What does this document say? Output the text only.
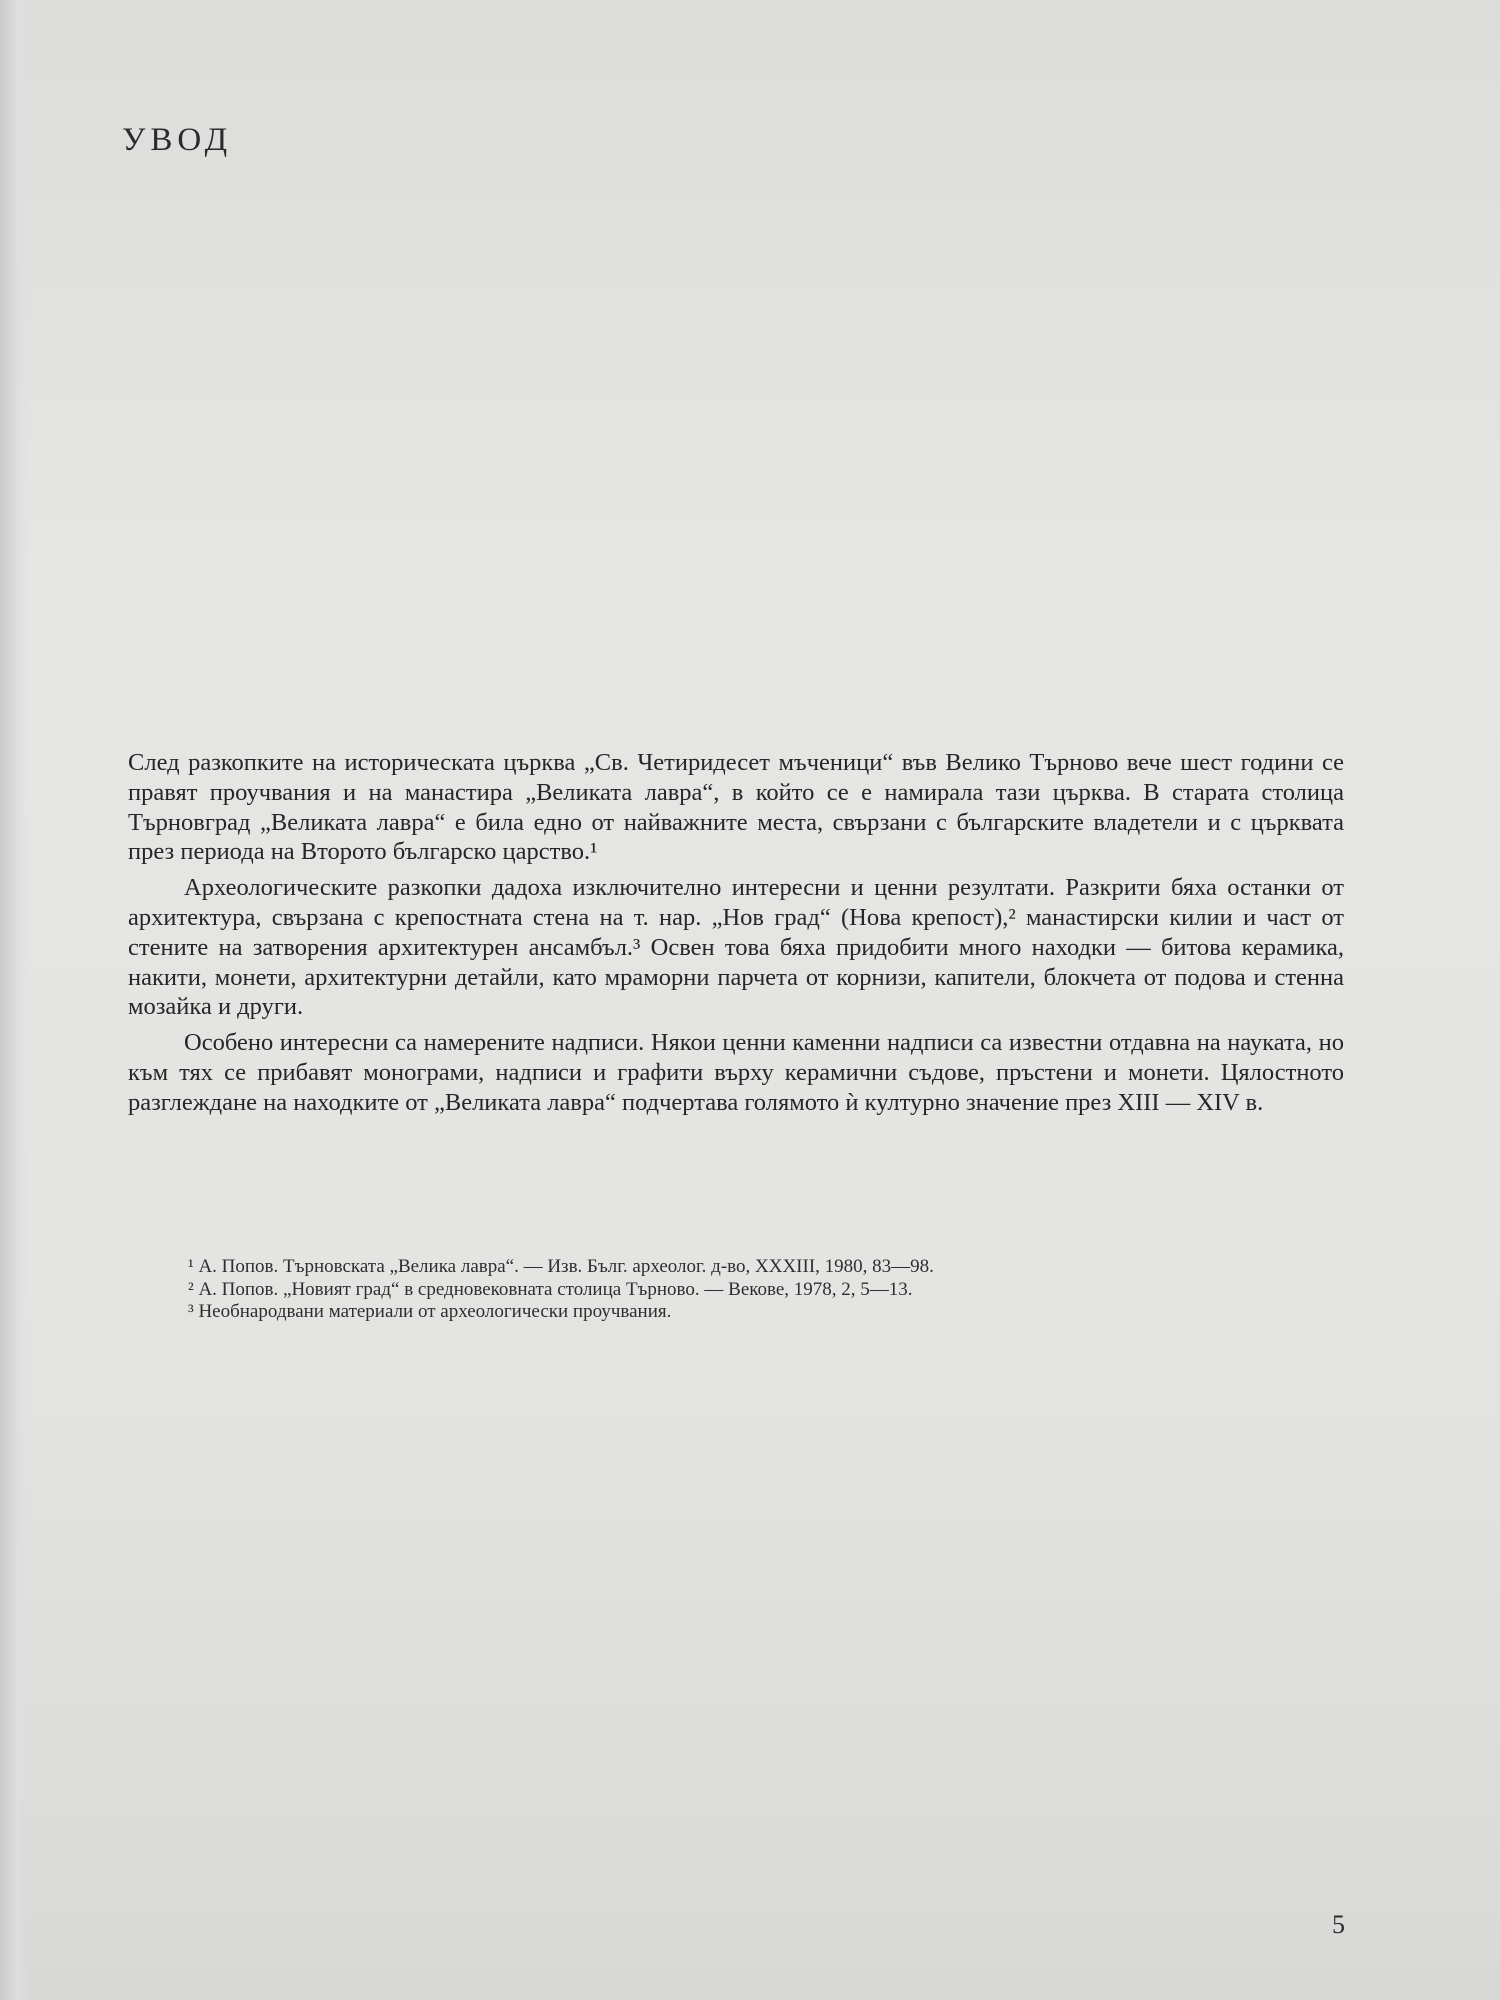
УВОД

След разкопките на историческата църква „Св. Четиридесет мъченици“ във Велико Търново вече шест години се правят проучвания и на манастира „Великата лавра“, в който се е намирала тази църква. В старата столица Търновград „Великата лавра“ е била едно от найважните места, свързани с българските владетели и с църквата през периода на Второто българско царство.¹

Археологическите разкопки дадоха изключително интересни и ценни резултати. Разкрити бяха останки от архитектура, свързана с крепостната стена на т. нар. „Нов град“ (Нова крепост),² манастирски килии и част от стените на затворения архитектурен ансамбъл.³ Освен това бяха придобити много находки — битова керамика, накити, монети, архитектурни детайли, като мраморни парчета от корнизи, капители, блокчета от подова и стенна мозайка и други.

Особено интересни са намерените надписи. Някои ценни каменни надписи са известни отдавна на науката, но към тях се прибавят монограми, надписи и графити върху керамични съдове, пръстени и монети. Цялостното разглеждане на находките от „Великата лавра“ подчертава голямото ѝ културно значение през XIII — XIV в.

¹ А. Попов. Търновската „Велика лавра“. — Изв. Бълг. археолог. д-во, XXXIII, 1980, 83—98.
² А. Попов. „Новият град“ в средновековната столица Търново. — Векове, 1978, 2, 5—13.
³ Необнародвани материали от археологически проучвания.
5
